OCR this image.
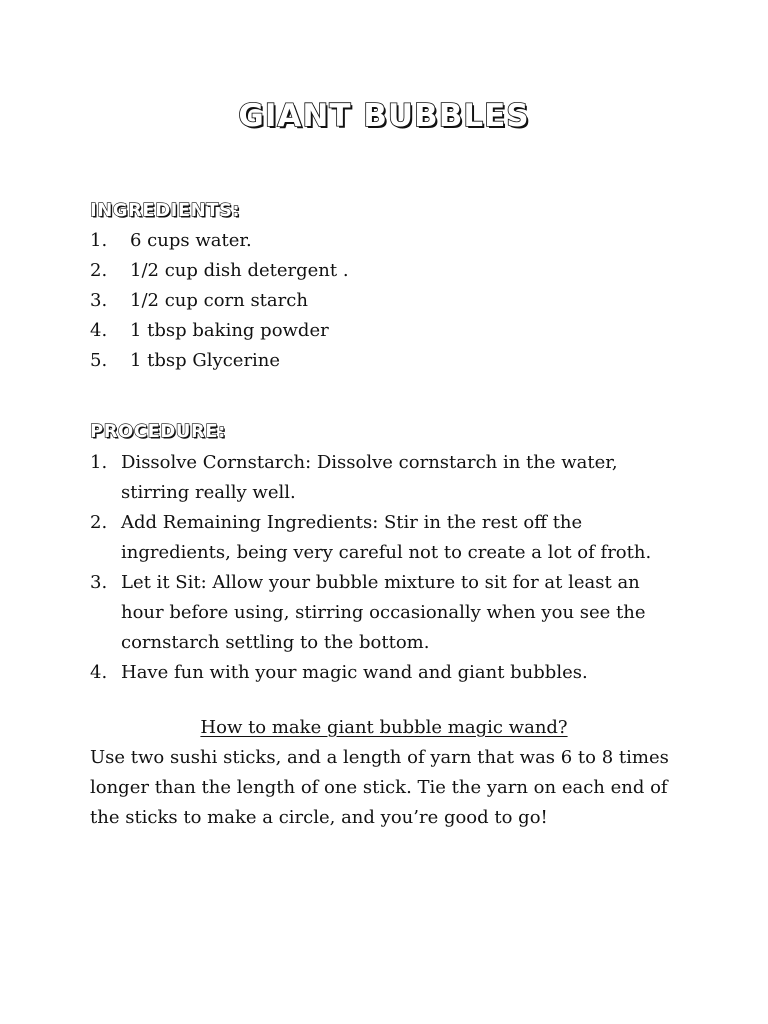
GIANT BUBBLES
INGREDIENTS:
1.	6 cups water.
2.	1/2 cup dish detergent .
3.	1/2 cup corn starch
4.	1 tbsp baking powder
5.	1 tbsp Glycerine
PROCEDURE:
1. Dissolve Cornstarch: Dissolve cornstarch in the water, stirring really well.
2. Add Remaining Ingredients: Stir in the rest off the ingredients, being very careful not to create a lot of froth.
3. Let it Sit: Allow your bubble mixture to sit for at least an hour before using, stirring occasionally when you see the cornstarch settling to the bottom.
4. Have fun with your magic wand and giant bubbles.

How to make giant bubble magic wand?

Use two sushi sticks, and a length of yarn that was 6 to 8 times longer than the length of one stick. Tie the yarn on each end of the sticks to make a circle, and you’re good to go!
